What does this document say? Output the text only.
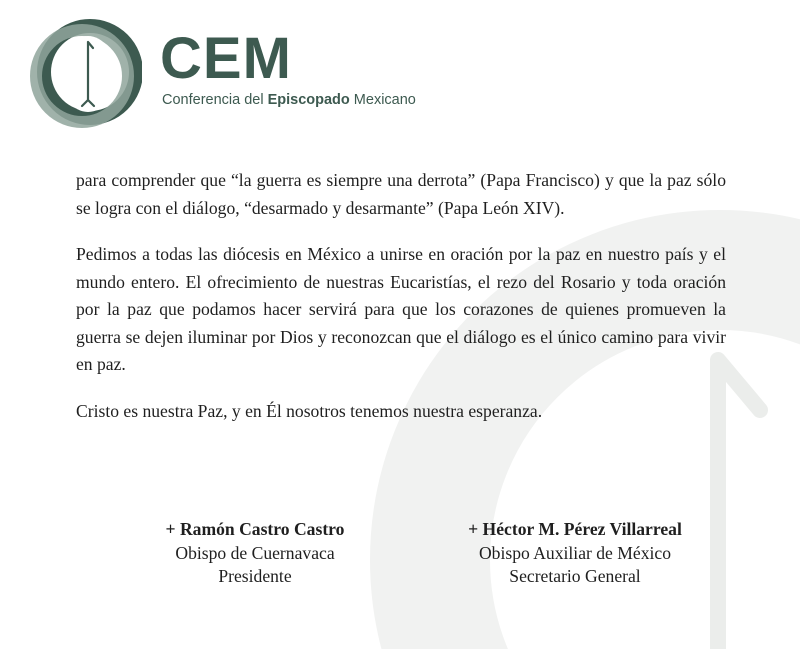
CEM
Conferencia del Episcopado Mexicano

para comprender que “la guerra es siempre una derrota” (Papa Francisco) y que la paz sólo se logra con el diálogo, “desarmado y desarmante” (Papa León XIV).

Pedimos a todas las diócesis en México a unirse en oración por la paz en nuestro país y el mundo entero. El ofrecimiento de nuestras Eucaristías, el rezo del Rosario y toda oración por la paz que podamos hacer servirá para que los corazones de quienes promueven la guerra se dejen iluminar por Dios y reconozcan que el diálogo es el único camino para vivir en paz.

Cristo es nuestra Paz, y en Él nosotros tenemos nuestra esperanza.

+ Ramón Castro Castro
Obispo de Cuernavaca
Presidente
+ Héctor M. Pérez Villarreal
Obispo Auxiliar de México
Secretario General
